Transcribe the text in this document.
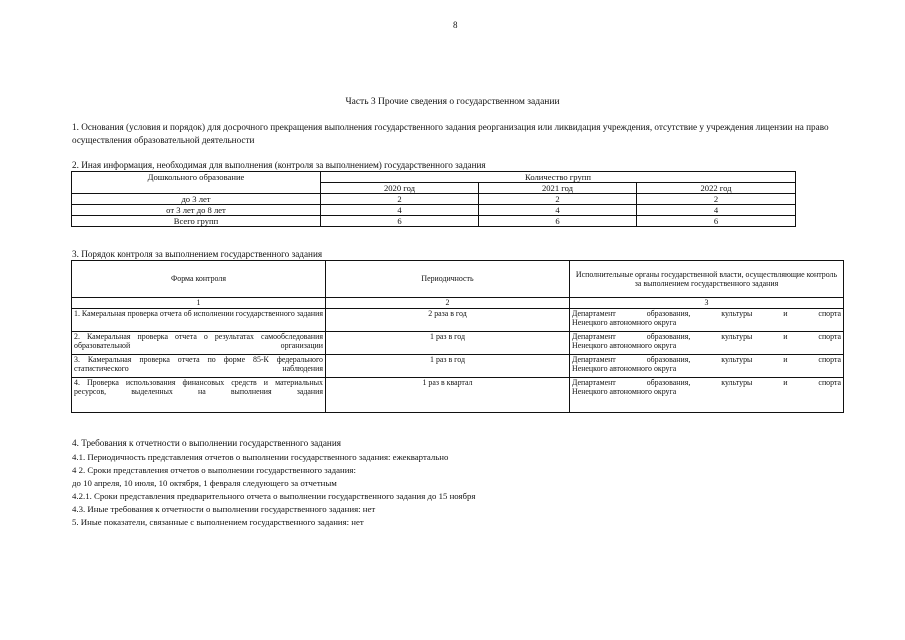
8
Часть 3 Прочие сведения о государственном задании
1. Основания (условия и порядок) для досрочного прекращения выполнения государственного задания реорганизация или ликвидация учреждения, отсутствие у учреждения лицензии на право осуществления образовательной деятельности
2. Иная информация, необходимая для выполнения (контроля за выполнением) государственного задания
Дошкольного образование	Количество групп		
	2020 год	2021 год	2022 год
до 3 лет	2	2	2
от 3 лет до 8 лет	4	4	4
Всего групп	6	6	6
3. Порядок контроля за выполнением государственного задания
Форма контроля	Периодичность	Исполнительные органы государственной власти, осуществляющие контроль за выполнением государственного задания
1	2	3
1. Камеральная проверка отчета об исполнении государственного задания	2 раза в год	Департамент образования, культуры и спорта
Ненецкого автономного округа

2. Камеральная проверка отчета о результатах самообследования образовательной организации	1 раз в год	Департамент образования, культуры и спорта
Ненецкого автономного округа

3. Камеральная проверка отчета по форме 85-К федерального статистического наблюдения	1 раз в год	Департамент образования, культуры и спорта
Ненецкого автономного округа

4. Проверка использования финансовых средств и материальных ресурсов, выделенных на выполнения задания	1 раз в квартал	Департамент образования, культуры и спорта
Ненецкого автономного округа
4. Требования к отчетности о выполнении государственного задания
4.1. Периодичность представления отчетов о выполнении государственного задания: ежеквартально
4 2. Сроки представления отчетов о выполнении государственного задания:
до 10 апреля, 10 июля, 10 октября, 1 февраля следующего за отчетным
4.2.1. Сроки представления предварительного отчета о выполнении государственного задания до 15 ноября
4.3. Иные требования к отчетности о выполнении государственного задания: нет
5. Иные показатели, связанные с выполнением государственного задания: нет
